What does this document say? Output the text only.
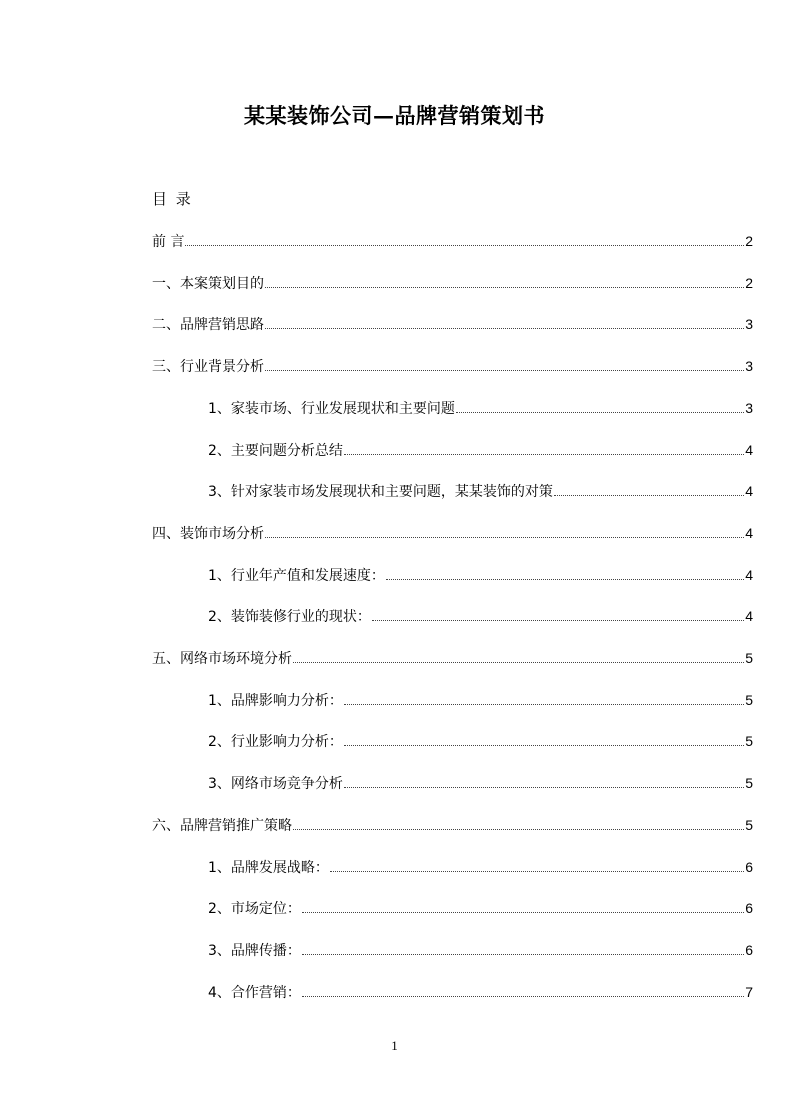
某某装饰公司—品牌营销策划书
目 录
前 言	2
一、本案策划目的	2
二、品牌营销思路	3
三、行业背景分析	3
1、家装市场、行业发展现状和主要问题	3
2、主要问题分析总结	4
3、针对家装市场发展现状和主要问题，某某装饰的对策	4
四、装饰市场分析	4
1、行业年产值和发展速度：	4
2、装饰装修行业的现状：	4
五、网络市场环境分析	5
1、品牌影响力分析：	5
2、行业影响力分析：	5
3、网络市场竞争分析	5
六、品牌营销推广策略	5
1、品牌发展战略：	6
2、市场定位：	6
3、品牌传播：	6
4、合作营销：	7
1
